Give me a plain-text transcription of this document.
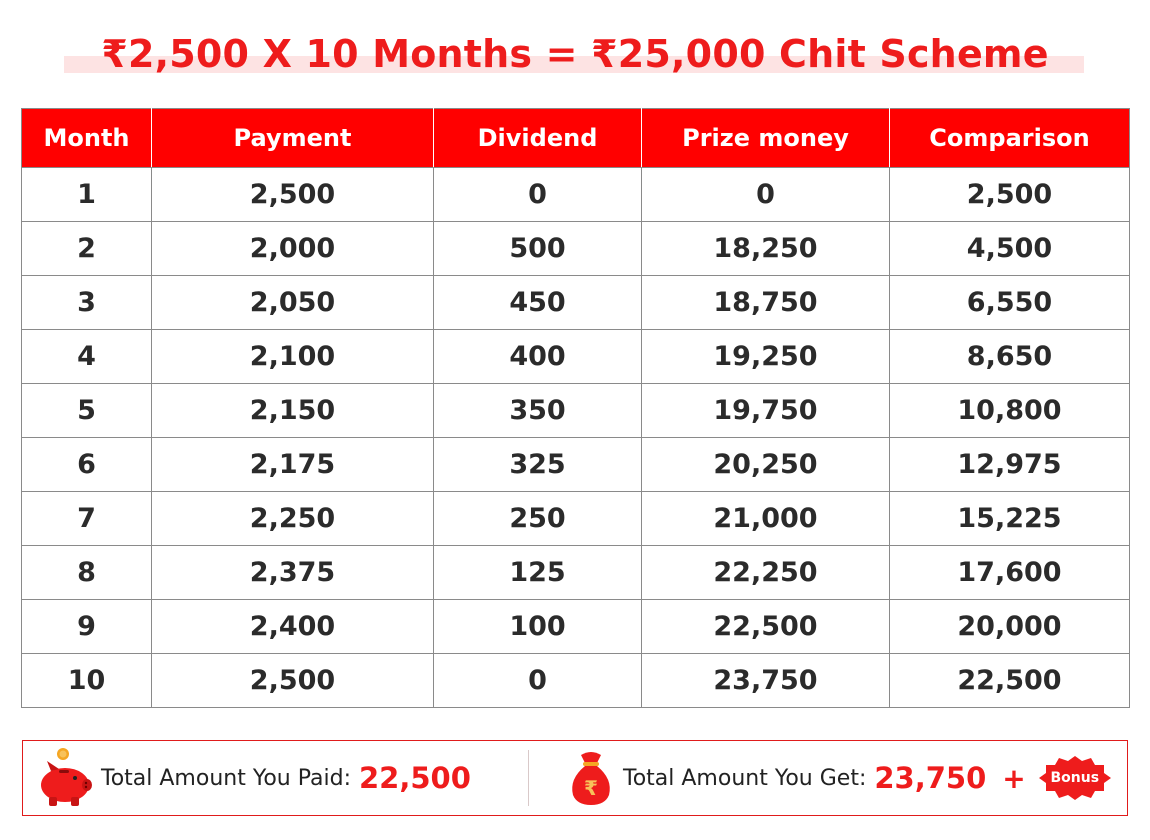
₹2,500 X 10 Months = ₹25,000 Chit Scheme
Month	Payment	Dividend	Prize money	Comparison
1	2,500	0	0	2,500
2	2,000	500	18,250	4,500
3	2,050	450	18,750	6,550
4	2,100	400	19,250	8,650
5	2,150	350	19,750	10,800
6	2,175	325	20,250	12,975
7	2,250	250	21,000	15,225
8	2,375	125	22,250	17,600
9	2,400	100	22,500	20,000
10	2,500	0	23,750	22,500
Total Amount You Paid: 22,500	₹ Total Amount You Get: 23,750 +	Bonus
